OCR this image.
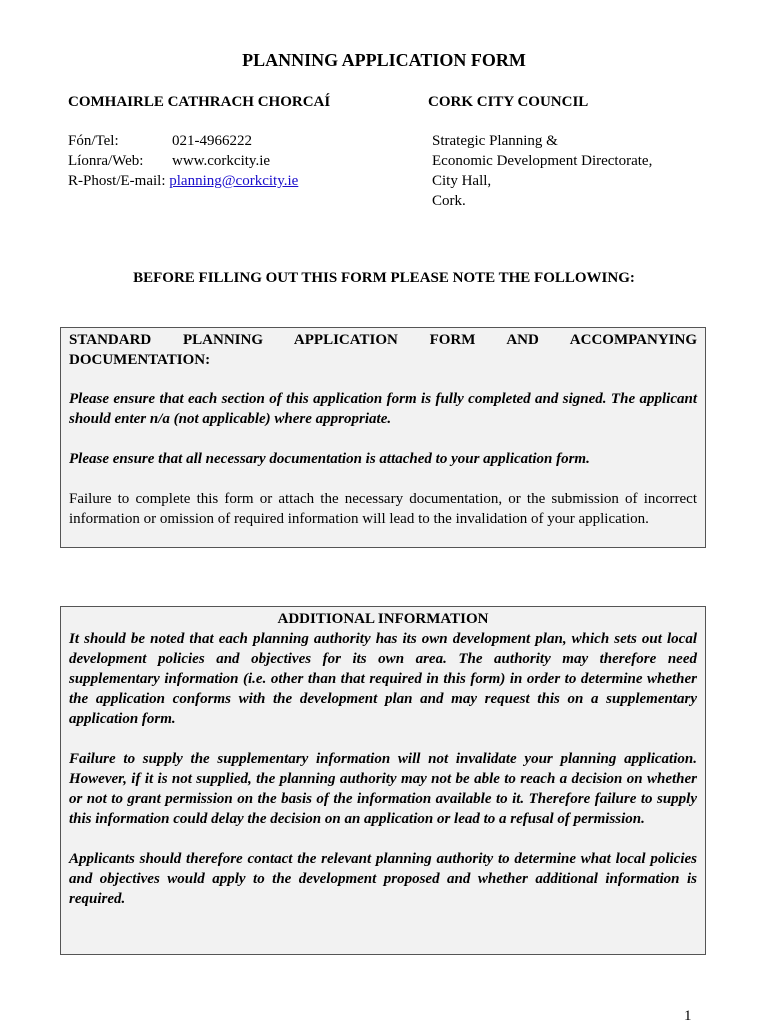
PLANNING APPLICATION FORM
COMHAIRLE CATHRACH CHORCAÍ	CORK CITY COUNCIL
Fón/Tel:	021-4966222
Líonra/Web: www.corkcity.ie
R-Phost/E-mail: planning@corkcity.ie
Strategic Planning &
Economic Development Directorate,
City Hall,
Cork.
BEFORE FILLING OUT THIS FORM PLEASE NOTE THE FOLLOWING:
STANDARD PLANNING APPLICATION FORM AND ACCOMPANYING DOCUMENTATION:

Please ensure that each section of this application form is fully completed and signed. The applicant should enter n/a (not applicable) where appropriate.

Please ensure that all necessary documentation is attached to your application form.

Failure to complete this form or attach the necessary documentation, or the submission of incorrect information or omission of required information will lead to the invalidation of your application.

ADDITIONAL INFORMATION

It should be noted that each planning authority has its own development plan, which sets out local development policies and objectives for its own area. The authority may therefore need supplementary information (i.e. other than that required in this form) in order to determine whether the application conforms with the development plan and may request this on a supplementary application form.

Failure to supply the supplementary information will not invalidate your planning application. However, if it is not supplied, the planning authority may not be able to reach a decision on whether or not to grant permission on the basis of the information available to it. Therefore failure to supply this information could delay the decision on an application or lead to a refusal of permission.

Applicants should therefore contact the relevant planning authority to determine what local policies and objectives would apply to the development proposed and whether additional information is required.

1
